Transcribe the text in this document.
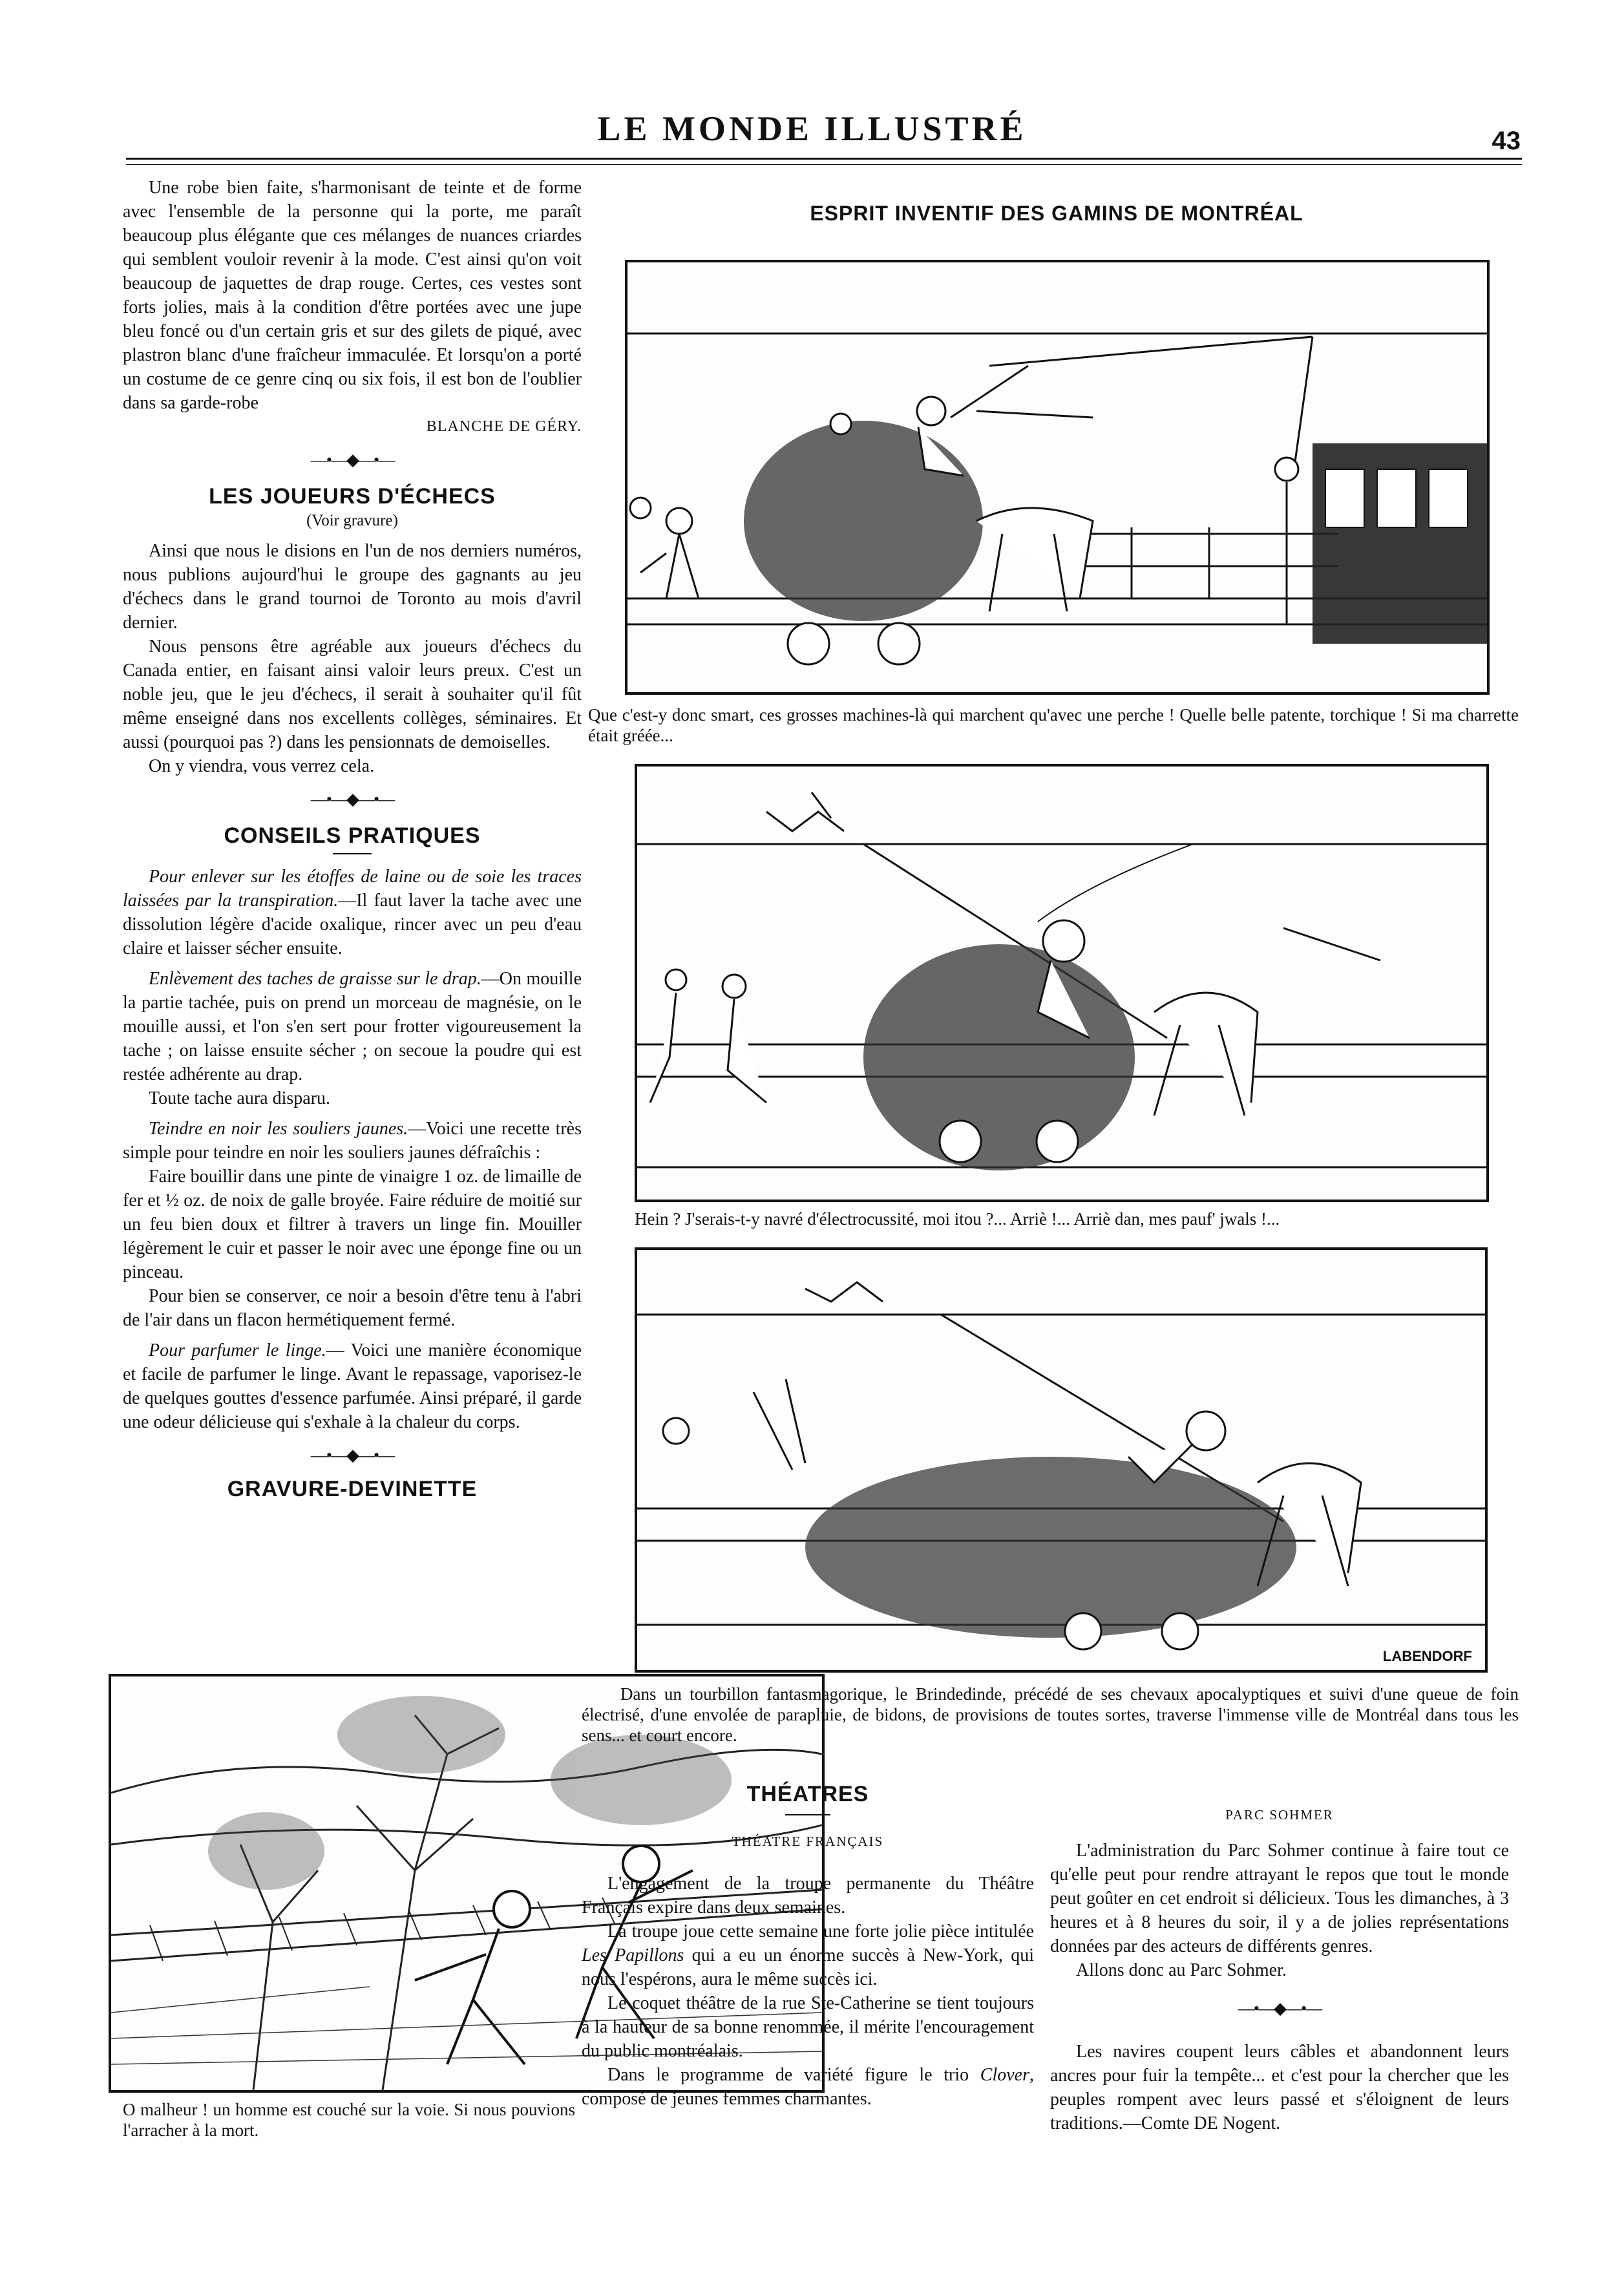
LE MONDE ILLUSTRÉ	43

Une robe bien faite, s'harmonisant de teinte et de forme avec l'ensemble de la personne qui la porte, me paraît beaucoup plus élégante que ces mélanges de nuances criardes qui semblent vouloir revenir à la mode. C'est ainsi qu'on voit beaucoup de jaquettes de drap rouge. Certes, ces vestes sont forts jolies, mais à la condition d'être portées avec une jupe bleu foncé ou d'un certain gris et sur des gilets de piqué, avec plastron blanc d'une fraîcheur immaculée. Et lorsqu'on a porté un costume de ce genre cinq ou six fois, il est bon de l'oublier dans sa garde-robe

BLANCHE DE GÉRY.
—•—◆—•—
LES JOUEURS D'ÉCHECS
(Voir gravure)

Ainsi que nous le disions en l'un de nos derniers numéros, nous publions aujourd'hui le groupe des gagnants au jeu d'échecs dans le grand tournoi de Toronto au mois d'avril dernier.

Nous pensons être agréable aux joueurs d'échecs du Canada entier, en faisant ainsi valoir leurs preux. C'est un noble jeu, que le jeu d'échecs, il serait à souhaiter qu'il fût même enseigné dans nos excellents collèges, séminaires. Et aussi (pourquoi pas ?) dans les pensionnats de demoiselles.

On y viendra, vous verrez cela.

—•—◆—•—
CONSEILS PRATIQUES

Pour enlever sur les étoffes de laine ou de soie les traces laissées par la transpiration.—Il faut laver la tache avec une dissolution légère d'acide oxalique, rincer avec un peu d'eau claire et laisser sécher ensuite.

Enlèvement des taches de graisse sur le drap.—On mouille la partie tachée, puis on prend un morceau de magnésie, on le mouille aussi, et l'on s'en sert pour frotter vigoureusement la tache ; on laisse ensuite sécher ; on secoue la poudre qui est restée adhérente au drap.

Toute tache aura disparu.

Teindre en noir les souliers jaunes.—Voici une recette très simple pour teindre en noir les souliers jaunes défraîchis :

Faire bouillir dans une pinte de vinaigre 1 oz. de limaille de fer et ½ oz. de noix de galle broyée. Faire réduire de moitié sur un feu bien doux et filtrer à travers un linge fin. Mouiller légèrement le cuir et passer le noir avec une éponge fine ou un pinceau.

Pour bien se conserver, ce noir a besoin d'être tenu à l'abri de l'air dans un flacon hermétiquement fermé.

Pour parfumer le linge.— Voici une manière économique et facile de parfumer le linge. Avant le repassage, vaporisez-le de quelques gouttes d'essence parfumée. Ainsi préparé, il garde une odeur délicieuse qui s'exhale à la chaleur du corps.

—•—◆—•—
GRAVURE-DEVINETTE
O malheur ! un homme est couché sur la voie. Si nous pouvions l'arracher à la mort.
ESPRIT INVENTIF DES GAMINS DE MONTRÉAL
Que c'est-y donc smart, ces grosses machines-là qui marchent qu'avec une perche ! Quelle belle patente, torchique ! Si ma charrette était gréée...
Hein ? J'serais-t-y navré d'électrocussité, moi itou ?... Arriè !... Arriè dan, mes pauf' jwals !...
LABENDORF
Dans un tourbillon fantasmagorique, le Brindedinde, précédé de ses chevaux apocalyptiques et suivi d'une queue de foin électrisé, d'une envolée de parapluie, de bidons, de provisions de toutes sortes, traverse l'immense ville de Montréal dans tous les sens... et court encore.
THÉATRES
THÉATRE FRANÇAIS

L'engagement de la troupe permanente du Théâtre Français expire dans deux semaines.

La troupe joue cette semaine une forte jolie pièce intitulée Les Papillons qui a eu un énorme succès à New-York, qui nous l'espérons, aura le même succès ici.

Le coquet théâtre de la rue Ste-Catherine se tient toujours à la hauteur de sa bonne renommée, il mérite l'encouragement du public montréalais.

Dans le programme de variété figure le trio Clover, composé de jeunes femmes charmantes.

PARC SOHMER

L'administration du Parc Sohmer continue à faire tout ce qu'elle peut pour rendre attrayant le repos que tout le monde peut goûter en cet endroit si délicieux. Tous les dimanches, à 3 heures et à 8 heures du soir, il y a de jolies représentations données par des acteurs de différents genres.

Allons donc au Parc Sohmer.

—•—◆—•—

Les navires coupent leurs câbles et abandonnent leurs ancres pour fuir la tempête... et c'est pour la chercher que les peuples rompent avec leurs passé et s'éloignent de leurs traditions.—Comte DE Nogent.
